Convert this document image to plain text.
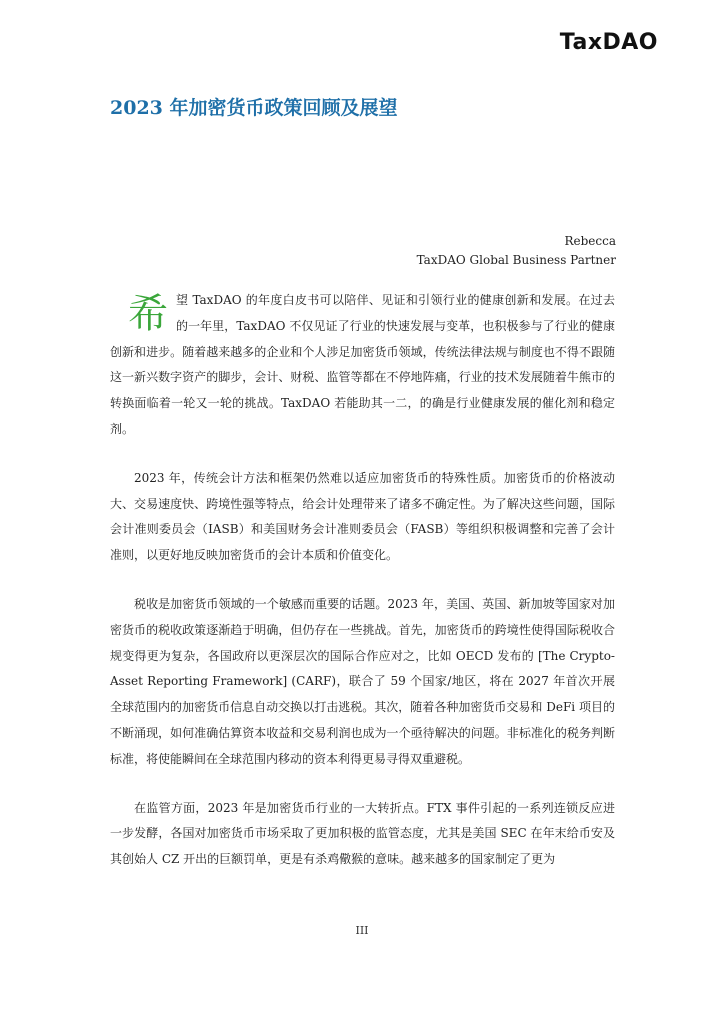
TaxDAO
2023 年加密货币政策回顾及展望
Rebecca
TaxDAO Global Business Partner

希 望 TaxDAO 的年度白皮书可以陪伴、见证和引领行业的健康创新和发展。在过去的一年里，TaxDAO 不仅见证了行业的快速发展与变革，也积极参与了行业的健康创新和进步。随着越来越多的企业和个人涉足加密货币领域，传统法律法规与制度也不得不跟随这一新兴数字资产的脚步，会计、财税、监管等都在不停地阵痛，行业的技术发展随着牛熊市的转换面临着一轮又一轮的挑战。TaxDAO 若能助其一二，的确是行业健康发展的催化剂和稳定剂。

2023 年，传统会计方法和框架仍然难以适应加密货币的特殊性质。加密货币的价格波动大、交易速度快、跨境性强等特点，给会计处理带来了诸多不确定性。为了解决这些问题，国际会计准则委员会（IASB）和美国财务会计准则委员会（FASB）等组织积极调整和完善了会计准则，以更好地反映加密货币的会计本质和价值变化。

税收是加密货币领域的一个敏感而重要的话题。2023 年，美国、英国、新加坡等国家对加密货币的税收政策逐渐趋于明确，但仍存在一些挑战。首先，加密货币的跨境性使得国际税收合规变得更为复杂，各国政府以更深层次的国际合作应对之，比如 OECD 发布的 [The Crypto-Asset Reporting Framework] (CARF)，联合了 59 个国家/地区，将在 2027 年首次开展全球范围内的加密货币信息自动交换以打击逃税。其次，随着各种加密货币交易和 DeFi 项目的不断涌现，如何准确估算资本收益和交易利润也成为一个亟待解决的问题。非标准化的税务判断标准，将使能瞬间在全球范围内移动的资本利得更易寻得双重避税。

在监管方面，2023 年是加密货币行业的一大转折点。FTX 事件引起的一系列连锁反应进一步发酵，各国对加密货币市场采取了更加积极的监管态度，尤其是美国 SEC 在年末给币安及其创始人 CZ 开出的巨额罚单，更是有杀鸡儆猴的意味。越来越多的国家制定了更为

III
